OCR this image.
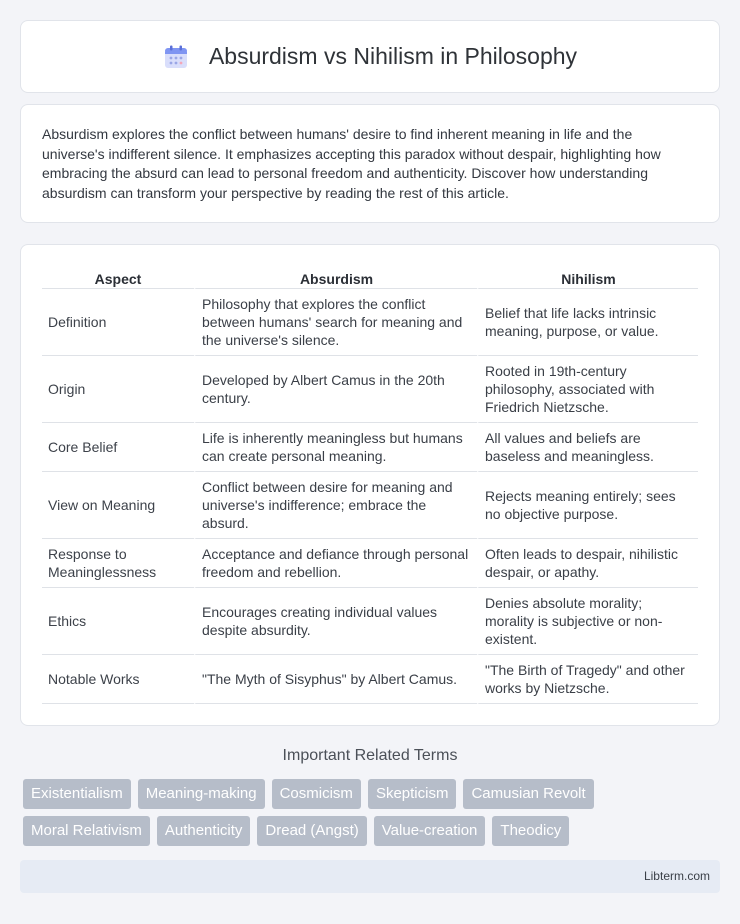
Absurdism vs Nihilism in Philosophy

Absurdism explores the conflict between humans' desire to find inherent meaning in life and the universe's indifferent silence. It emphasizes accepting this paradox without despair, highlighting how embracing the absurd can lead to personal freedom and authenticity. Discover how understanding absurdism can transform your perspective by reading the rest of this article.

Aspect	Absurdism	Nihilism
Definition	Philosophy that explores the conflict between humans' search for meaning and the universe's silence.	Belief that life lacks intrinsic meaning, purpose, or value.
Origin	Developed by Albert Camus in the 20th century.	Rooted in 19th-century philosophy, associated with Friedrich Nietzsche.
Core Belief	Life is inherently meaningless but humans can create personal meaning.	All values and beliefs are baseless and meaningless.
View on Meaning	Conflict between desire for meaning and universe's indifference; embrace the absurd.	Rejects meaning entirely; sees no objective purpose.
Response to Meaninglessness	Acceptance and defiance through personal freedom and rebellion.	Often leads to despair, nihilistic despair, or apathy.
Ethics	Encourages creating individual values despite absurdity.	Denies absolute morality; morality is subjective or non-existent.
Notable Works	"The Myth of Sisyphus" by Albert Camus.	"The Birth of Tragedy" and other works by Nietzsche.
Important Related Terms
Existentialism	Meaning-making	Cosmicism	Skepticism	Camusian Revolt
Moral Relativism	Authenticity	Dread (Angst)	Value-creation	Theodicy
Libterm.com
